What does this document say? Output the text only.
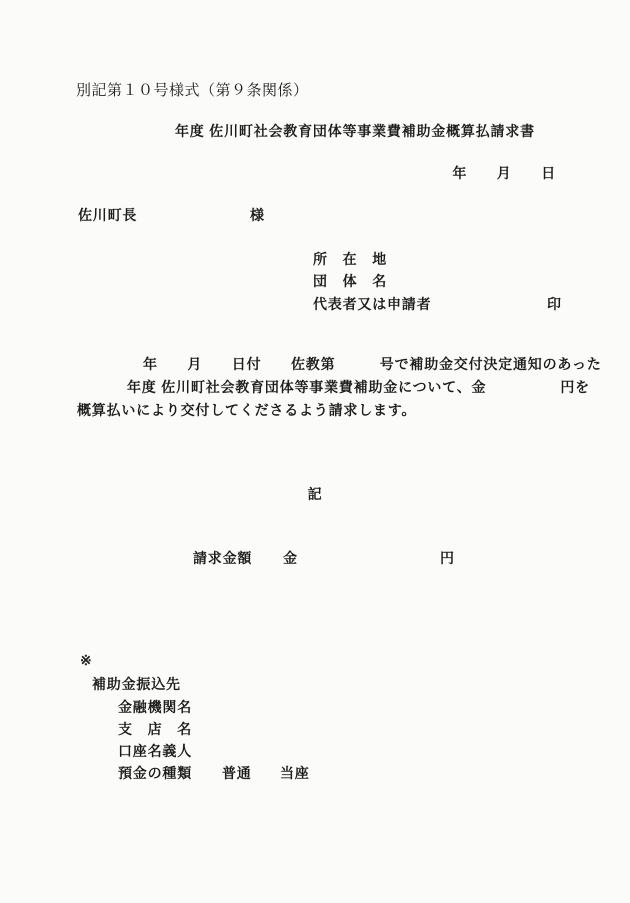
別記第１０号様式（第９条関係）
年度 佐川町社会教育団体等事業費補助金概算払請求書
年　　月　　日
佐川町長	様
所　在　地
団　体　名
代表者又は申請者	印
年　　月　　日付　　佐教第　　　号で補助金交付決定通知のあった
年度 佐川町社会教育団体等事業費補助金について、金　　　　　円を
概算払いにより交付してくださるよう請求します。
記
請求金額 金	円
※
補助金振込先
金融機関名
支　店　名
口座名義人
預金の種類 普通 当座
